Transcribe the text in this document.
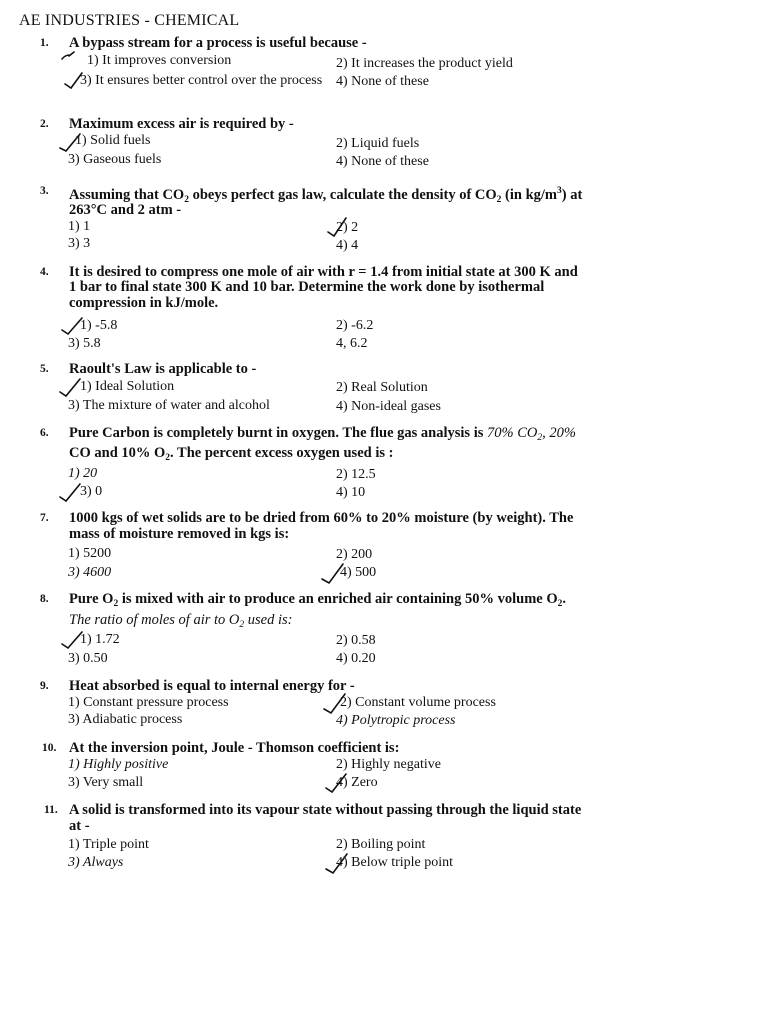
AE INDUSTRIES - CHEMICAL
1. A bypass stream for a process is useful because -
1) It improves conversion	2) It increases the product yield
3) It ensures better control over the process 4) None of these
2. Maximum excess air is required by -
1) Solid fuels	2) Liquid fuels
3) Gaseous fuels	4) None of these
3. Assuming that $CO_2$ obeys perfect gas law, calculate the density of $CO_2$ (in $kg/m^3$) at
263°C and 2 atm -
1) 1	2) 2
3) 3	4) 4
4. It is desired to compress one mole of air with r = 1.4 from initial state at 300 K and
1 bar to final state 300 K and 10 bar. Determine the work done by isothermal
compression in kJ/mole.
1) -5.8	2) -6.2
3) 5.8	4, 6.2
5. Raoult's Law is applicable to -
1) Ideal Solution	2) Real Solution
3) The mixture of water and alcohol	4) Non-ideal gases
6. Pure Carbon is completely burnt in oxygen. The flue gas analysis is 70% $CO_2$, 20%
CO and 10% $O_2$. The percent excess oxygen used is :
1) 20	2) 12.5
3) 0	4) 10
7. 1000 kgs of wet solids are to be dried from 60% to 20% moisture (by weight). The
mass of moisture removed in kgs is:
1) 5200	2) 200
3) 4600	4) 500
8. Pure $O_2$ is mixed with air to produce an enriched air containing 50% volume $O_2$.
The ratio of moles of air to $O_2$ used is:
1) 1.72	2) 0.58
3) 0.50	4) 0.20
9. Heat absorbed is equal to internal energy for -
1) Constant pressure process	2) Constant volume process
3) Adiabatic process	4) Polytropic process
10. At the inversion point, Joule - Thomson coefficient is:
1) Highly positive	2) Highly negative
3) Very small	4) Zero
11. A solid is transformed into its vapour state without passing through the liquid state
at -
1) Triple point	2) Boiling point
3) Always	4) Below triple point
